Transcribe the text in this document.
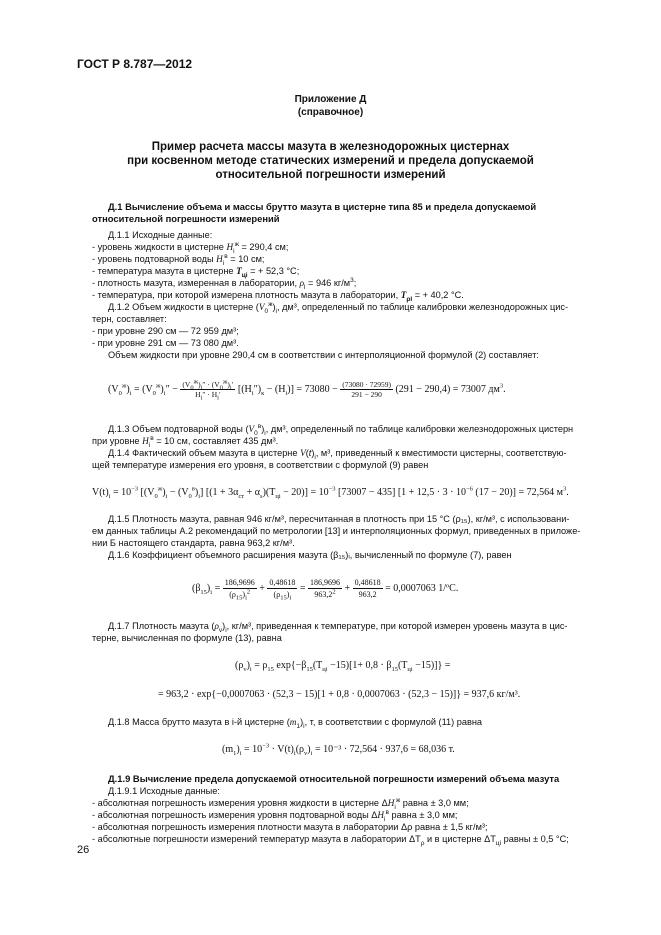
ГОСТ Р 8.787—2012
Приложение Д
(справочное)
Пример расчета массы мазута в железнодорожных цистернах
при косвенном методе статических измерений и предела допускаемой
относительной погрешности измерений
Д.1 Вычисление объема и массы брутто мазута в цистерне типа 85 и предела допускаемой
относительной погрешности измерений
Д.1.1 Исходные данные:
- уровень жидкости в цистерне $H_i^ж = 290,4$ см;
- уровень подтоварной воды $H_i^в = 10$ см;
- температура мазута в цистерне $T_{ці}$ = + 52,3 °С;
- плотность мазута, измеренная в лаборатории, $\rho_l = 946$ $кг/м^3$;
- температура, при которой измерена плотность мазута в лаборатории, $T_{\rho l}$ = + 40,2 °С.
Д.1.2 Объем жидкости в цистерне $(V_0^ж)_i$, дм³, определенный по таблице калибровки железнодорожных цис-
терн, составляет:
- при уровне 290 см — 72 959 дм³;
- при уровне 291 см — 73 080 дм³.
Объем жидкости при уровне 290,4 см в соответствии с интерполяционной формулой (2) составляет:
$(V_0^ж)_i = (V_0^ж)_i'' - (V_0^ж)_i'' \cdot (V_0^ж)_i'$
$H_i'' \cdot H_i'$	$[(H_i'')_к - (H_i)] = 73080 - \frac{(73080 \cdot 72959)}{291 - 290} (291 - 290,4) = 73007$ $дм^3$.
Д.1.3 Объем подтоварной воды $(V_0^в)_i$, дм³, определенный по таблице калибровки железнодорожных цистерн
при уровне $H_i^в = 10$ см, составляет 435 дм³.
Д.1.4 Фактический объем мазута в цистерне $V(t)_i$, м³, приведенный к вместимости цистерны, соответствую-
щей температуре измерения его уровня, в соответствии с формулой (9) равен
$V(t)_i = 10^{-3}$ $[(V_0^ж)_i - (V_0^в)_i] [(1 + 3\alpha_{ст} + \alpha_s)(T_{цi} - 20)] = 10^{-3}$ [73007 − 435] [$1 + 12,5 \cdot 3 \cdot 10^{-6}$ (17 − 20)] = 72,564 $м^3$.
Д.1.5 Плотность мазута, равная 946 кг/м³, пересчитанная в плотность при 15 °С (ρ₁₅), кг/м³, с использовани-
ем данных таблицы А.2 рекомендаций по метрологии [13] и интерполяционных формул, приведенных в приложе-
нии Б настоящего стандарта, равна 963,2 кг/м³.
Д.1.6 Коэффициент объемного расширения мазута (β₁₅)ᵢ, вычисленный по формуле (7), равен
$(\beta_{15})_i = \frac{186,9696}{(\rho_{15})_i^2} + \frac{0,48618}{(\rho_{15})_i} = \frac{186,9696}{963,2^2} + \frac{0,48618}{963,2} = 0,0007063$ 1/ºС.
Д.1.7 Плотность мазута $(\rho_v)_i$, кг/м³, приведенная к температуре, при которой измерен уровень мазута в цис-
терне, вычисленная по формуле (13), равна
$(\rho_v)_i = \rho_{15}$ $\exp\{-\beta_{15}(T_{цi} -15)[1+ 0,8 \cdot \beta_{15}(T_{цi} -15)]\}$ =
= 963,2 · exp{−0,0007063 · (52,3 − 15)[1 + 0,8 · 0,0007063 · (52,3 − 15)]} = 937,6 кг/м³.
Д.1.8 Масса брутто мазута в i-й цистерне $(m_1)_i$, т, в соответствии с формулой (11) равна
$(m_1)_i = 10^{-3} \cdot V(t)_i(\rho_v)_i = 10^{-3} \cdot 72,564 \cdot 937,6 = 68,036$ т.
Д.1.9 Вычисление предела допускаемой относительной погрешности измерений объема мазута
Д.1.9.1 Исходные данные:
- абсолютная погрешность измерения уровня жидкости в цистерне $\Delta H_i^ж$ равна ± 3,0 мм;
- абсолютная погрешность измерения уровня подтоварной воды $\Delta H_i^в$ равна ± 3,0 мм;
- абсолютная погрешность измерения плотности мазута в лаборатории Δρ равна ± 1,5 кг/м³;
- абсолютные погрешности измерений температур мазута в лаборатории $\Delta T_\rho$ и в цистерне $\Delta T_{ці}$ равны ± 0,5 °С;
26
